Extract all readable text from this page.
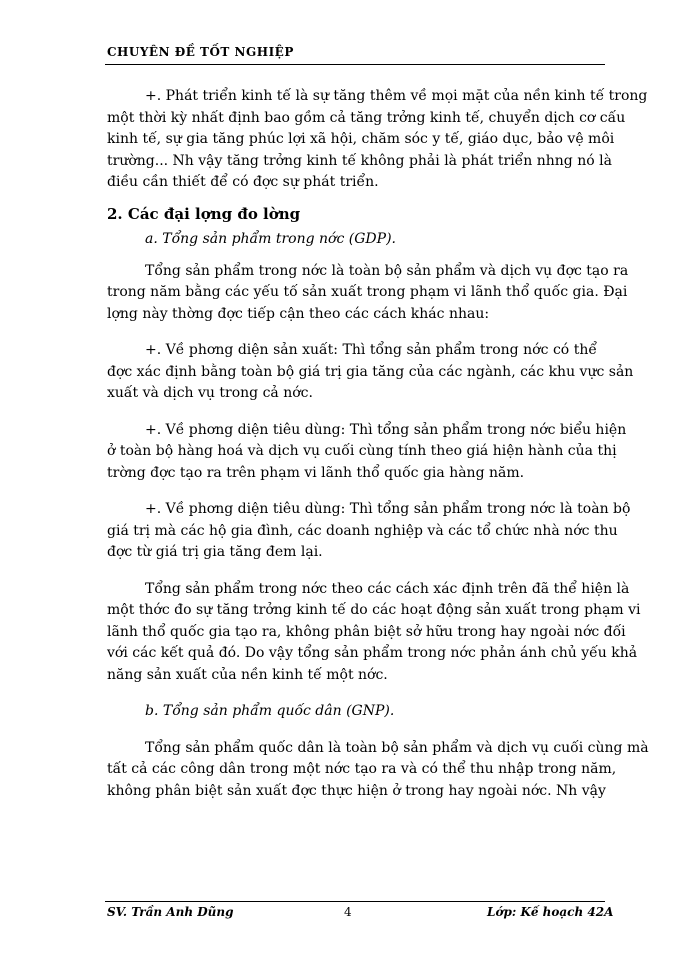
CHUYÊN ĐỀ TỐT NGHIỆP
+. Phát triển kinh tế là sự tăng thêm về mọi mặt của nền kinh tế trong
một thời kỳ nhất định bao gồm cả tăng trởng kinh tế, chuyển dịch cơ cấu
kinh tế, sự gia tăng phúc lợi xã hội, chăm sóc y tế, giáo dục, bảo vệ môi
trường... Nh vậy tăng trởng kinh tế không phải là phát triển nhng nó là
điều cần thiết để có đợc sự phát triển.
2. Các đại lợng đo lờng
a. Tổng sản phẩm trong nớc (GDP).
Tổng sản phẩm trong nớc là toàn bộ sản phẩm và dịch vụ đợc tạo ra
trong năm bằng các yếu tố sản xuất trong phạm vi lãnh thổ quốc gia. Đại
lợng này thờng đợc tiếp cận theo các cách khác nhau:
+. Về phơng diện sản xuất: Thì tổng sản phẩm trong nớc có thể
đợc xác định bằng toàn bộ giá trị gia tăng của các ngành, các khu vực sản
xuất và dịch vụ trong cả nớc.
+. Về phơng diện tiêu dùng: Thì tổng sản phẩm trong nớc biểu hiện
ở toàn bộ hàng hoá và dịch vụ cuối cùng tính theo giá hiện hành của thị
trờng đợc tạo ra trên phạm vi lãnh thổ quốc gia hàng năm.
+. Về phơng diện tiêu dùng: Thì tổng sản phẩm trong nớc là toàn bộ
giá trị mà các hộ gia đình, các doanh nghiệp và các tổ chức nhà nớc thu
đợc từ giá trị gia tăng đem lại.
Tổng sản phẩm trong nớc theo các cách xác định trên đã thể hiện là
một thớc đo sự tăng trởng kinh tế do các hoạt động sản xuất trong phạm vi
lãnh thổ quốc gia tạo ra, không phân biệt sở hữu trong hay ngoài nớc đối
với các kết quả đó. Do vậy tổng sản phẩm trong nớc phản ánh chủ yếu khả
năng sản xuất của nền kinh tế một nớc.
b. Tổng sản phẩm quốc dân (GNP).
Tổng sản phẩm quốc dân là toàn bộ sản phẩm và dịch vụ cuối cùng mà
tất cả các công dân trong một nớc tạo ra và có thể thu nhập trong năm,
không phân biệt sản xuất đợc thực hiện ở trong hay ngoài nớc. Nh vậy
SV. Trần Anh Dũng	4	Lớp: Kế hoạch 42A
